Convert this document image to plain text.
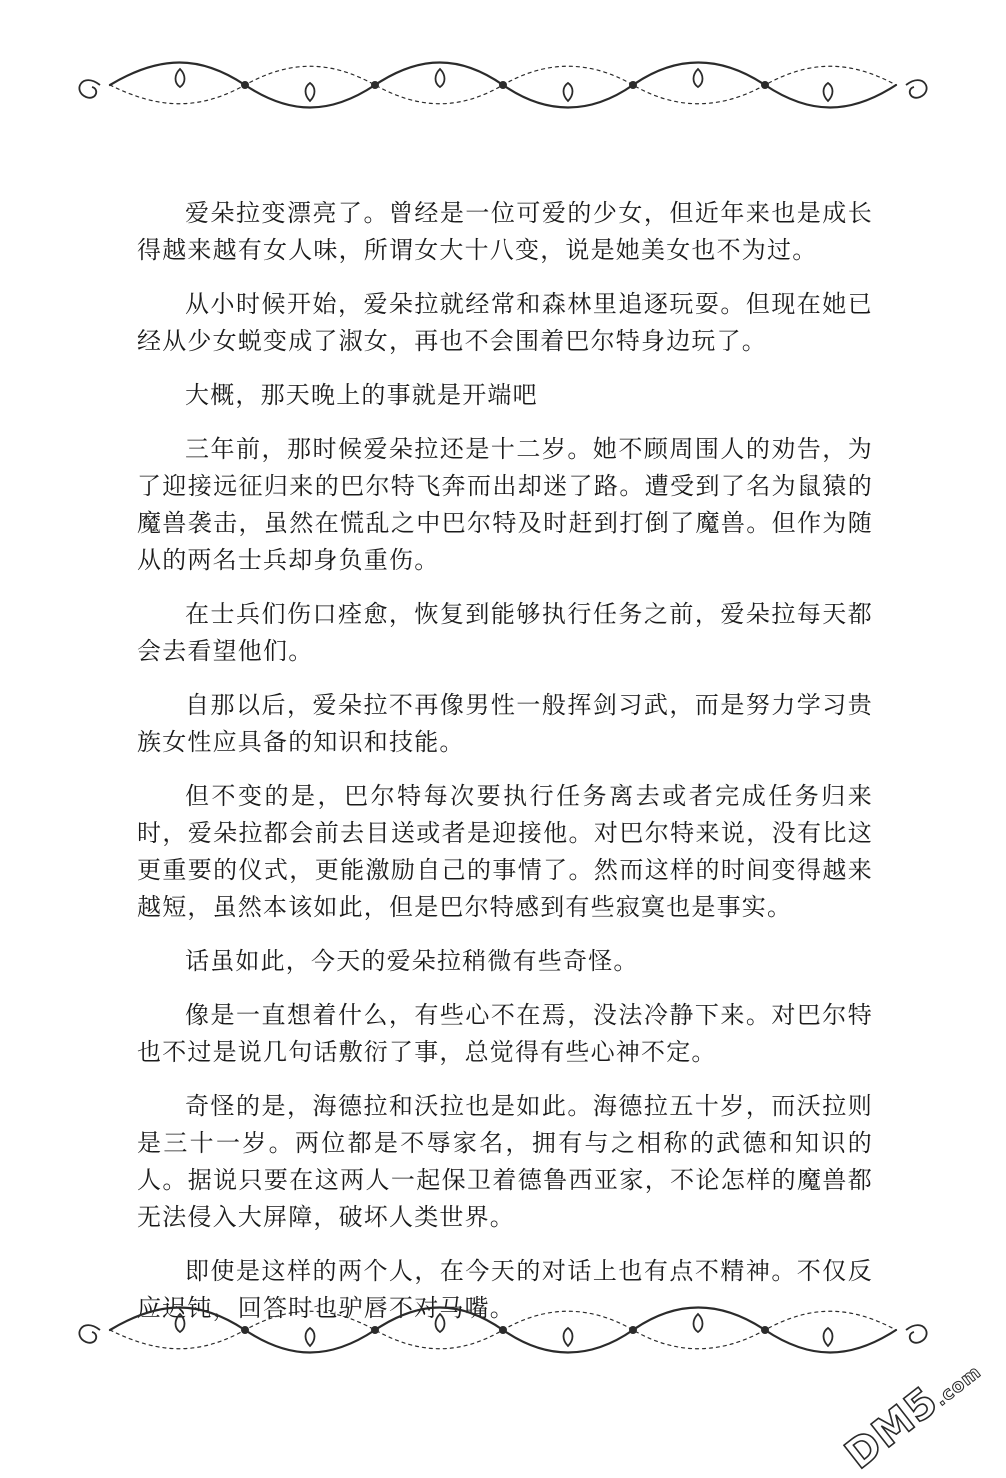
爱朵拉变漂亮了。曾经是一位可爱的少女，但近年来也是成长得越来越有女人味，所谓女大十八变，说是她美女也不为过。

从小时候开始，爱朵拉就经常和森林里追逐玩耍。但现在她已经从少女蜕变成了淑女，再也不会围着巴尔特身边玩了。

大概，那天晚上的事就是开端吧

三年前，那时候爱朵拉还是十二岁。她不顾周围人的劝告，为了迎接远征归来的巴尔特飞奔而出却迷了路。遭受到了名为鼠猿的魔兽袭击，虽然在慌乱之中巴尔特及时赶到打倒了魔兽。但作为随从的两名士兵却身负重伤。

在士兵们伤口痊愈，恢复到能够执行任务之前，爱朵拉每天都会去看望他们。

自那以后，爱朵拉不再像男性一般挥剑习武，而是努力学习贵族女性应具备的知识和技能。

但不变的是，巴尔特每次要执行任务离去或者完成任务归来时，爱朵拉都会前去目送或者是迎接他。对巴尔特来说，没有比这更重要的仪式，更能激励自己的事情了。然而这样的时间变得越来越短，虽然本该如此，但是巴尔特感到有些寂寞也是事实。

话虽如此，今天的爱朵拉稍微有些奇怪。

像是一直想着什么，有些心不在焉，没法冷静下来。对巴尔特也不过是说几句话敷衍了事，总觉得有些心神不定。

奇怪的是，海德拉和沃拉也是如此。海德拉五十岁，而沃拉则是三十一岁。两位都是不辱家名，拥有与之相称的武德和知识的人。据说只要在这两人一起保卫着德鲁西亚家，不论怎样的魔兽都无法侵入大屏障，破坏人类世界。

即使是这样的两个人，在今天的对话上也有点不精神。不仅反应迟钝，回答时也驴唇不对马嘴。

DM5.com
